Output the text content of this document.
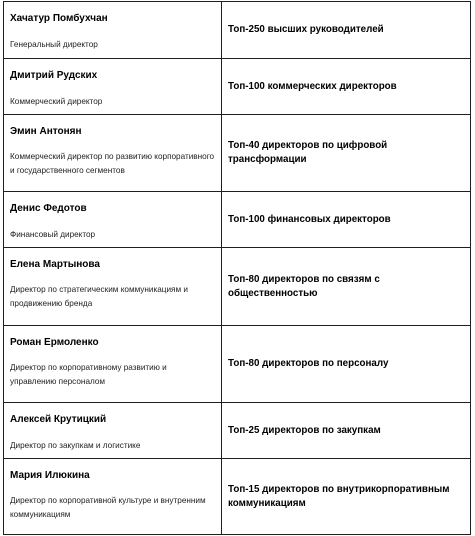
Хачатур Помбухчан
Генеральный директор	Топ-250 высших руководителей

Дмитрий Рудских
Коммерческий директор	Топ-100 коммерческих директоров

Эмин Антонян
Коммерческий директор по развитию корпоративного и государственного сегментов	Топ-40 директоров по цифровой трансформации

Денис Федотов
Финансовый директор	Топ-100 финансовых директоров

Елена Мартынова
Директор по стратегическим коммуникациям и продвижению бренда	Топ-80 директоров по связям с общественностью

Роман Ермоленко
Директор по корпоративному развитию и управлению персоналом	Топ-80 директоров по персоналу

Алексей Крутицкий
Директор по закупкам и логистике	Топ-25 директоров по закупкам

Мария Илюкина
Директор по корпоративной культуре и внутренним коммуникациям	Топ-15 директоров по внутрикорпоративным коммуникациям
